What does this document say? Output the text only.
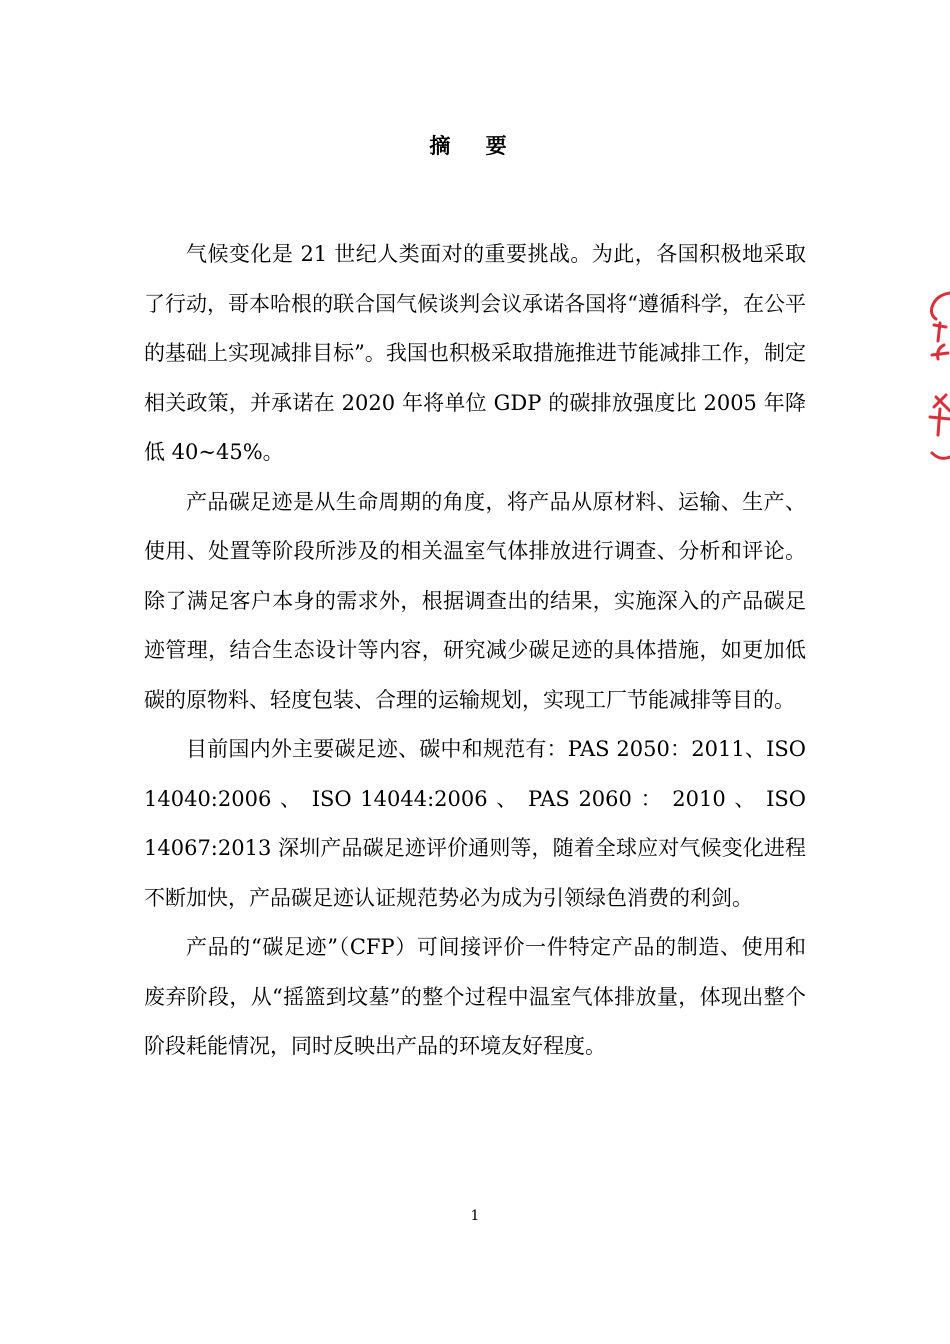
摘 要

气候变化是 21 世纪人类面对的重要挑战。为此，各国积极地采取了行动，哥本哈根的联合国气候谈判会议承诺各国将“遵循科学，在公平的基础上实现减排目标”。我国也积极采取措施推进节能减排工作，制定相关政策，并承诺在 2020 年将单位 GDP 的碳排放强度比 2005 年降低 40~45%。

产品碳足迹是从生命周期的角度，将产品从原材料、运输、生产、使用、处置等阶段所涉及的相关温室气体排放进行调查、分析和评论。除了满足客户本身的需求外，根据调查出的结果，实施深入的产品碳足迹管理，结合生态设计等内容，研究减少碳足迹的具体措施，如更加低碳的原物料、轻度包装、合理的运输规划，实现工厂节能减排等目的。

目前国内外主要碳足迹、碳中和规范有：PAS 2050：2011、ISO 14040:2006 、 ISO 14044:2006 、 PAS 2060 ： 2010 、 ISO 14067:2013 深圳产品碳足迹评价通则等，随着全球应对气候变化进程不断加快，产品碳足迹认证规范势必为成为引领绿色消费的利剑。

产品的“碳足迹”（CFP）可间接评价一件特定产品的制造、使用和废弃阶段，从“摇篮到坟墓”的整个过程中温室气体排放量，体现出整个阶段耗能情况，同时反映出产品的环境友好程度。

1
